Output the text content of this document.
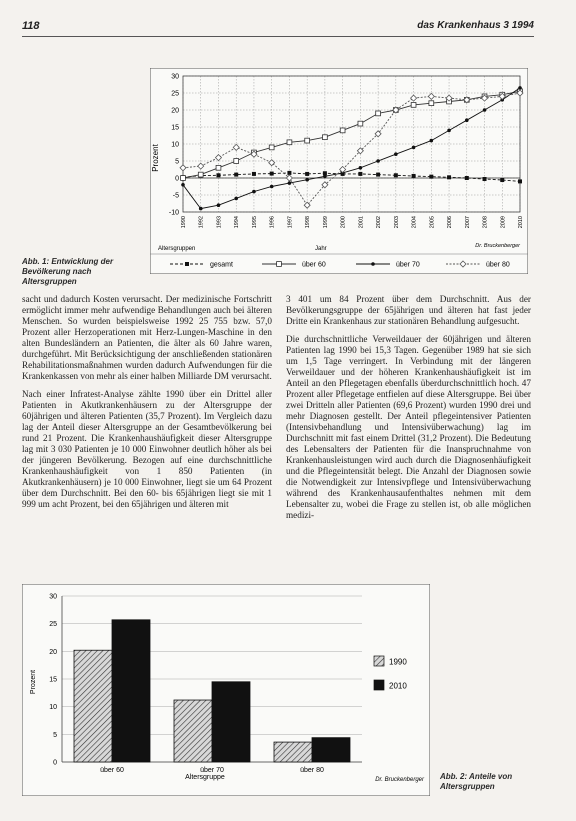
118	das Krankenhaus 3 1994
-10
-5
0
5
10
15
20
25
30
1990 1992 1993 1994 1995 1996 1997 1998 1999 2000 2001 2002 2003 2004 2005 2006 2007 2008 2009 2010
Prozent
Altersgruppen	Jahr	Dr. Bruckenberger
gesamt	über 60	über 70	über 80
Abb. 1: Entwicklung der Bevölkerung nach Altersgruppen

sacht und dadurch Kosten verursacht. Der medizinische Fortschritt ermöglicht immer mehr aufwendige Behandlungen auch bei älteren Menschen. So wurden beispielsweise 1992 25 755 bzw. 57,0 Prozent aller Herzoperationen mit Herz-Lungen-Maschine in den alten Bundesländern an Patienten, die älter als 60 Jahre waren, durchgeführt. Mit Berücksichtigung der anschließenden stationären Rehabilitationsmaßnahmen wurden dadurch Aufwendungen für die Krankenkassen von mehr als einer halben Milliarde DM verursacht.

Nach einer Infratest-Analyse zählte 1990 über ein Drittel aller Patienten in Akutkrankenhäusern zu der Altersgruppe der 60jährigen und älteren Patienten (35,7 Prozent). Im Vergleich dazu lag der Anteil dieser Altersgruppe an der Gesamtbevölkerung bei rund 21 Prozent. Die Krankenhaushäufigkeit dieser Altersgruppe lag mit 3 030 Patienten je 10 000 Einwohner deutlich höher als bei der jüngeren Bevölkerung. Bezogen auf eine durchschnittliche Krankenhaushäufigkeit von 1 850 Patienten (in Akutkrankenhäusern) je 10 000 Einwohner, liegt sie um 64 Prozent über dem Durchschnitt. Bei den 60- bis 65jährigen liegt sie mit 1 999 um acht Prozent, bei den 65jährigen und älteren mit

3 401 um 84 Prozent über dem Durchschnitt. Aus der Bevölkerungsgruppe der 65jährigen und älteren hat fast jeder Dritte ein Krankenhaus zur stationären Behandlung aufgesucht.

Die durchschnittliche Verweildauer der 60jährigen und älteren Patienten lag 1990 bei 15,3 Tagen. Gegenüber 1989 hat sie sich um 1,5 Tage verringert. In Verbindung mit der längeren Verweildauer und der höheren Krankenhaushäufigkeit ist im Anteil an den Pflegetagen ebenfalls überdurchschnittlich hoch. 47 Prozent aller Pflegetage entfielen auf diese Altersgruppe. Bei über zwei Dritteln aller Patienten (69,6 Prozent) wurden 1990 drei und mehr Diagnosen gestellt. Der Anteil pflegeintensiver Patienten (Intensivbehandlung und Intensivüberwachung) lag im Durchschnitt mit fast einem Drittel (31,2 Prozent). Die Bedeutung des Lebensalters der Patienten für die Inanspruchnahme von Krankenhausleistungen wird auch durch die Diagnosenhäufigkeit und die Pflegeintensität belegt. Die Anzahl der Diagnosen sowie die Notwendigkeit zur Intensivpflege und Intensivüberwachung während des Krankenhausaufenthaltes nehmen mit dem Lebensalter zu, wobei die Frage zu stellen ist, ob alle möglichen medizi-

0
5
10
15
20
25
30
über 60	über 70	über 80
Prozent
Altersgruppe	Dr. Bruckenberger
1990
2010
Abb. 2: Anteile von Altersgruppen
